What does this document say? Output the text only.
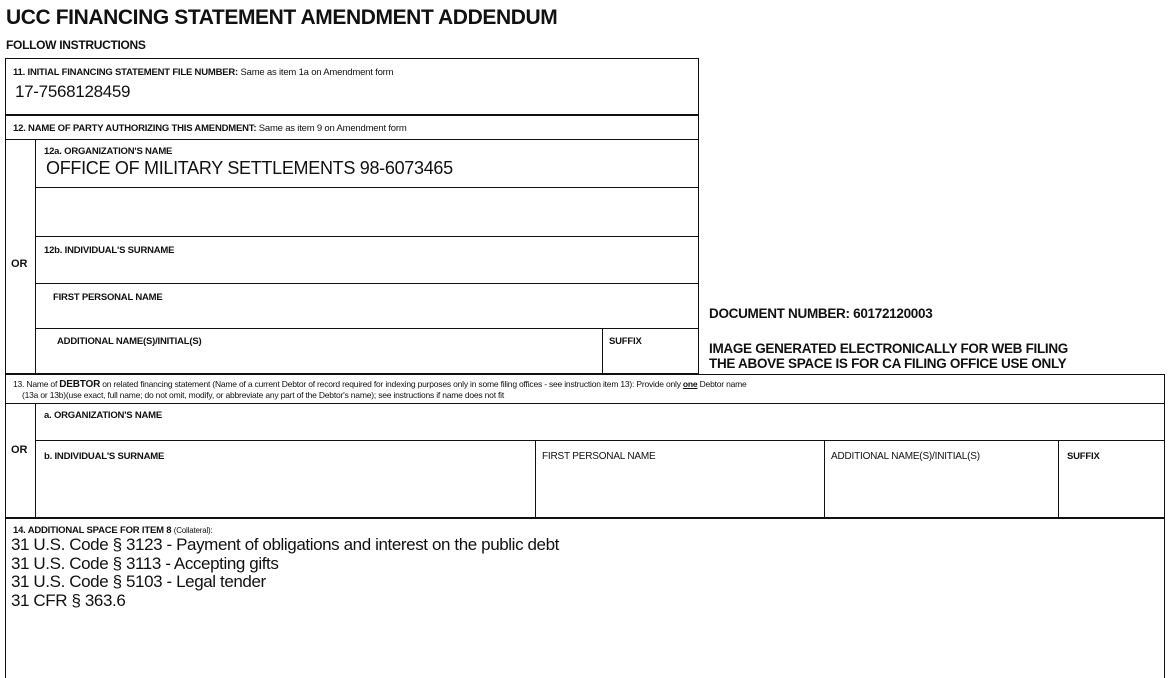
UCC FINANCING STATEMENT AMENDMENT ADDENDUM
FOLLOW INSTRUCTIONS
11. INITIAL FINANCING STATEMENT FILE NUMBER: Same as item 1a on Amendment form
17-7568128459
12. NAME OF PARTY AUTHORIZING THIS AMENDMENT: Same as item 9 on Amendment form
OR
12a. ORGANIZATION'S NAME
OFFICE OF MILITARY SETTLEMENTS 98-6073465
12b. INDIVIDUAL'S SURNAME
FIRST PERSONAL NAME
ADDITIONAL NAME(S)/INITIAL(S)	SUFFIX
DOCUMENT NUMBER: 60172120003
IMAGE GENERATED ELECTRONICALLY FOR WEB FILING
THE ABOVE SPACE IS FOR CA FILING OFFICE USE ONLY
13. Name of DEBTOR on related financing statement (Name of a current Debtor of record required for indexing purposes only in some filing offices - see instruction item 13): Provide only one Debtor name
(13a or 13b)(use exact, full name; do not omit, modify, or abbreviate any part of the Debtor's name); see instructions if name does not fit
OR
a. ORGANIZATION'S NAME
b. INDIVIDUAL'S SURNAME	FIRST PERSONAL NAME	ADDITIONAL NAME(S)/INITIAL(S)	SUFFIX
14. ADDITIONAL SPACE FOR ITEM 8 (Collateral):
31 U.S. Code § 3123 - Payment of obligations and interest on the public debt
31 U.S. Code § 3113 - Accepting gifts
31 U.S. Code § 5103 - Legal tender
31 CFR § 363.6
